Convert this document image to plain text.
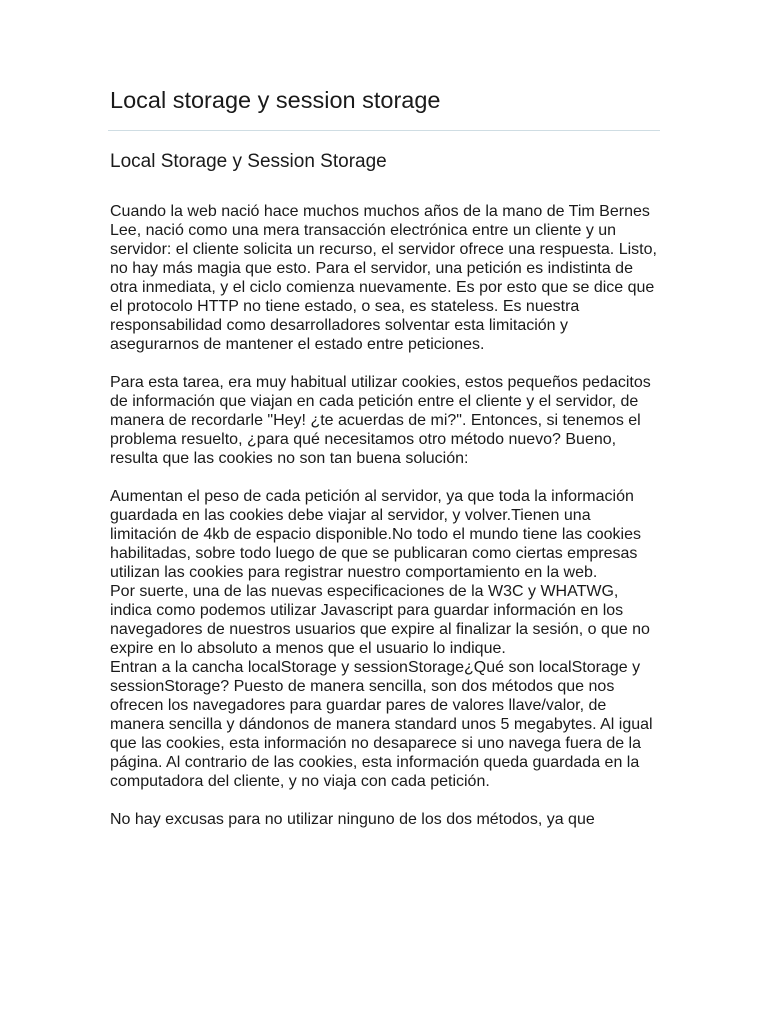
Local storage y session storage
Local Storage y Session Storage

Cuando la web nació hace muchos muchos años de la mano de Tim Bernes Lee, nació como una mera transacción electrónica entre un cliente y un servidor: el cliente solicita un recurso, el servidor ofrece una respuesta. Listo, no hay más magia que esto. Para el servidor, una petición es indistinta de otra inmediata, y el ciclo comienza nuevamente. Es por esto que se dice que el protocolo HTTP no tiene estado, o sea, es stateless. Es nuestra responsabilidad como desarrolladores solventar esta limitación y asegurarnos de mantener el estado entre peticiones.

Para esta tarea, era muy habitual utilizar cookies, estos pequeños pedacitos de información que viajan en cada petición entre el cliente y el servidor, de manera de recordarle "Hey! ¿te acuerdas de mi?". Entonces, si tenemos el problema resuelto, ¿para qué necesitamos otro método nuevo? Bueno, resulta que las cookies no son tan buena solución:

Aumentan el peso de cada petición al servidor, ya que toda la información guardada en las cookies debe viajar al servidor, y volver.Tienen una limitación de 4kb de espacio disponible.No todo el mundo tiene las cookies habilitadas, sobre todo luego de que se publicaran como ciertas empresas utilizan las cookies para registrar nuestro comportamiento en la web.

Por suerte, una de las nuevas especificaciones de la W3C y WHATWG, indica como podemos utilizar Javascript para guardar información en los navegadores de nuestros usuarios que expire al finalizar la sesión, o que no expire en lo absoluto a menos que el usuario lo indique.

Entran a la cancha localStorage y sessionStorage¿Qué son localStorage y sessionStorage? Puesto de manera sencilla, son dos métodos que nos ofrecen los navegadores para guardar pares de valores llave/valor, de manera sencilla y dándonos de manera standard unos 5 megabytes. Al igual que las cookies, esta información no desaparece si uno navega fuera de la página. Al contrario de las cookies, esta información queda guardada en la computadora del cliente, y no viaja con cada petición.

No hay excusas para no utilizar ninguno de los dos métodos, ya que
